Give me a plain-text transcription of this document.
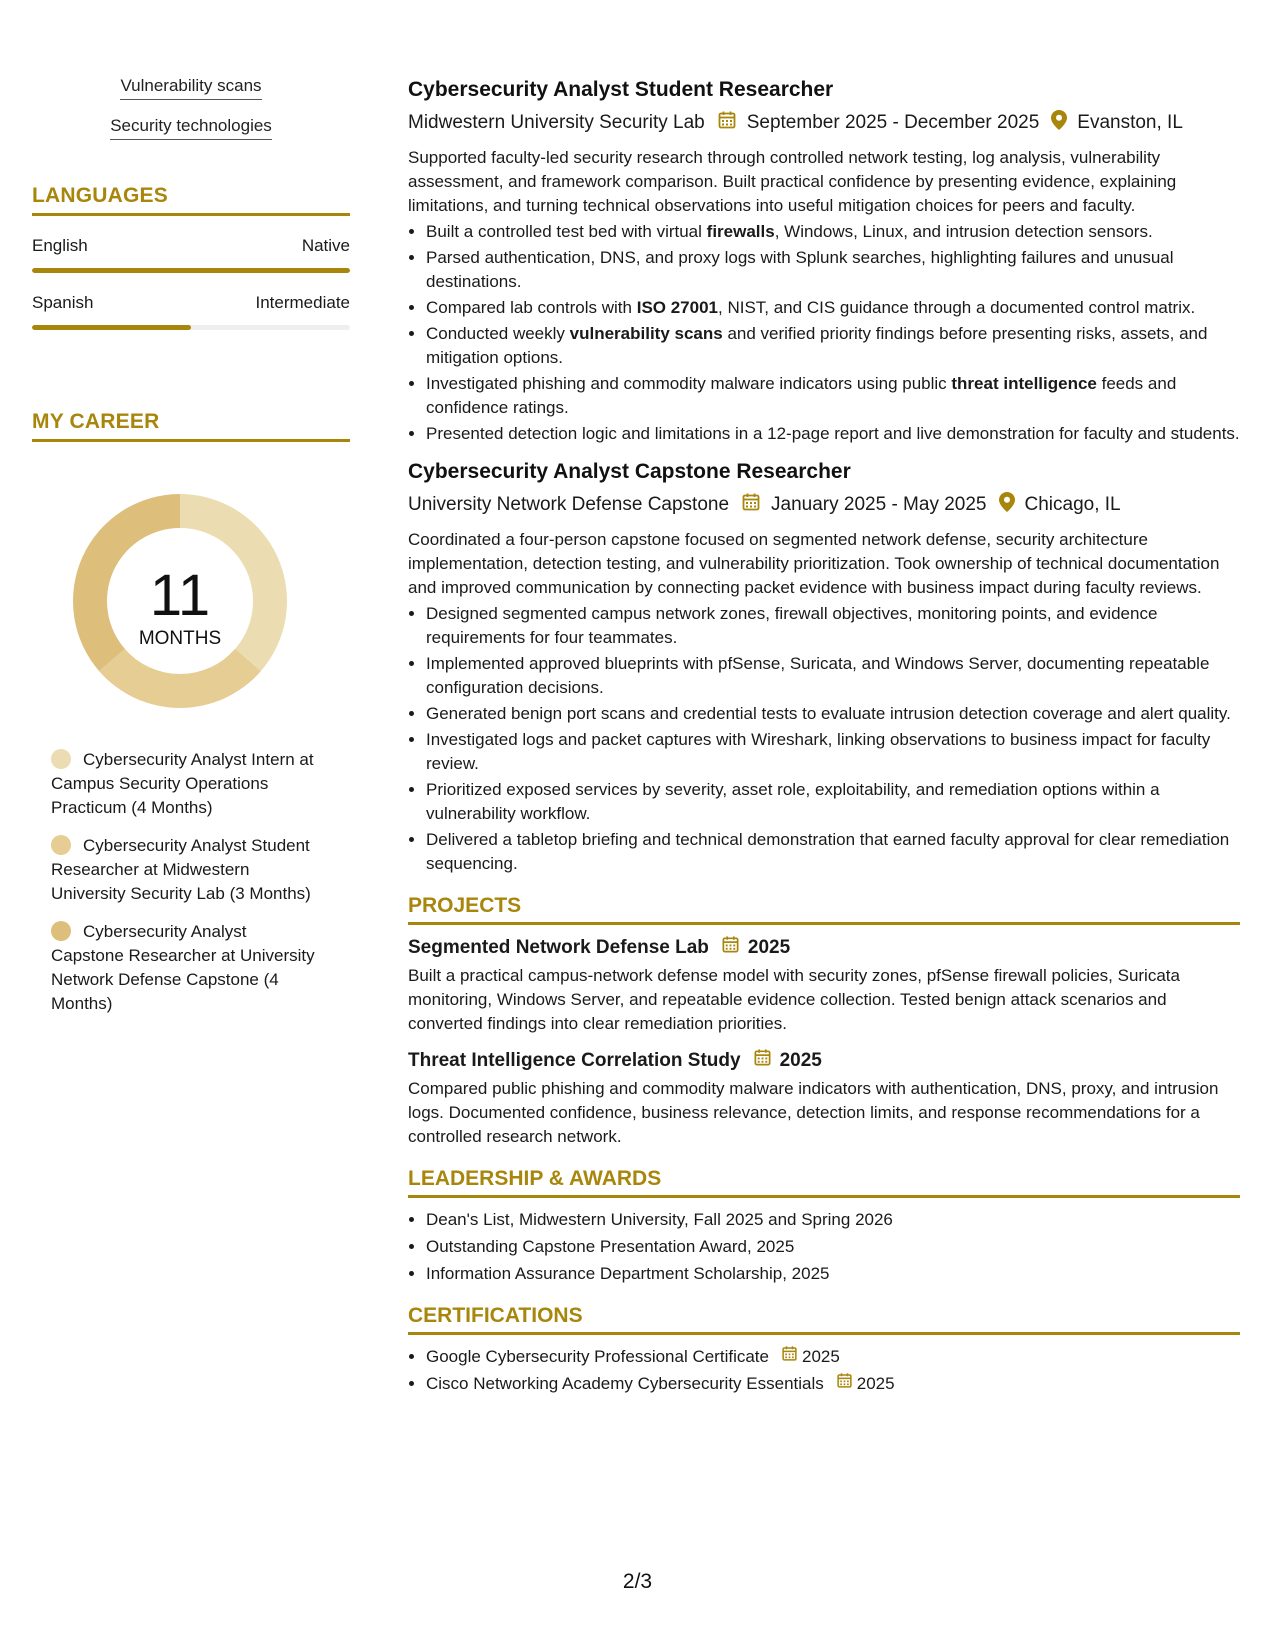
Vulnerability scans
Security technologies
LANGUAGES
English	Native
Spanish	Intermediate
MY CAREER
11
MONTHS
Cybersecurity Analyst Intern at Campus Security Operations Practicum (4 Months)
Cybersecurity Analyst Student Researcher at Midwestern University Security Lab (3 Months)
Cybersecurity Analyst Capstone Researcher at University Network Defense Capstone (4 Months)
Cybersecurity Analyst Student Researcher
Midwestern University Security Lab September 2025 - December 2025 Evanston, IL
Supported faculty-led security research through controlled network testing, log analysis, vulnerability assessment, and framework comparison. Built practical confidence by presenting evidence, explaining limitations, and turning technical observations into useful mitigation choices for peers and faculty.
• Built a controlled test bed with virtual firewalls, Windows, Linux, and intrusion detection sensors.
• Parsed authentication, DNS, and proxy logs with Splunk searches, highlighting failures and unusual destinations.
• Compared lab controls with ISO 27001, NIST, and CIS guidance through a documented control matrix.
• Conducted weekly vulnerability scans and verified priority findings before presenting risks, assets, and mitigation options.
• Investigated phishing and commodity malware indicators using public threat intelligence feeds and confidence ratings.
• Presented detection logic and limitations in a 12-page report and live demonstration for faculty and students.
Cybersecurity Analyst Capstone Researcher
University Network Defense Capstone January 2025 - May 2025 Chicago, IL
Coordinated a four-person capstone focused on segmented network defense, security architecture implementation, detection testing, and vulnerability prioritization. Took ownership of technical documentation and improved communication by connecting packet evidence with business impact during faculty reviews.
• Designed segmented campus network zones, firewall objectives, monitoring points, and evidence requirements for four teammates.
• Implemented approved blueprints with pfSense, Suricata, and Windows Server, documenting repeatable configuration decisions.
• Generated benign port scans and credential tests to evaluate intrusion detection coverage and alert quality.
• Investigated logs and packet captures with Wireshark, linking observations to business impact for faculty review.
• Prioritized exposed services by severity, asset role, exploitability, and remediation options within a vulnerability workflow.
• Delivered a tabletop briefing and technical demonstration that earned faculty approval for clear remediation sequencing.
PROJECTS
Segmented Network Defense Lab 2025
Built a practical campus-network defense model with security zones, pfSense firewall policies, Suricata monitoring, Windows Server, and repeatable evidence collection. Tested benign attack scenarios and converted findings into clear remediation priorities.
Threat Intelligence Correlation Study 2025
Compared public phishing and commodity malware indicators with authentication, DNS, proxy, and intrusion logs. Documented confidence, business relevance, detection limits, and response recommendations for a controlled research network.
LEADERSHIP & AWARDS
• Dean's List, Midwestern University, Fall 2025 and Spring 2026
• Outstanding Capstone Presentation Award, 2025
• Information Assurance Department Scholarship, 2025
CERTIFICATIONS
• Google Cybersecurity Professional Certificate 2025
• Cisco Networking Academy Cybersecurity Essentials 2025
2/3
